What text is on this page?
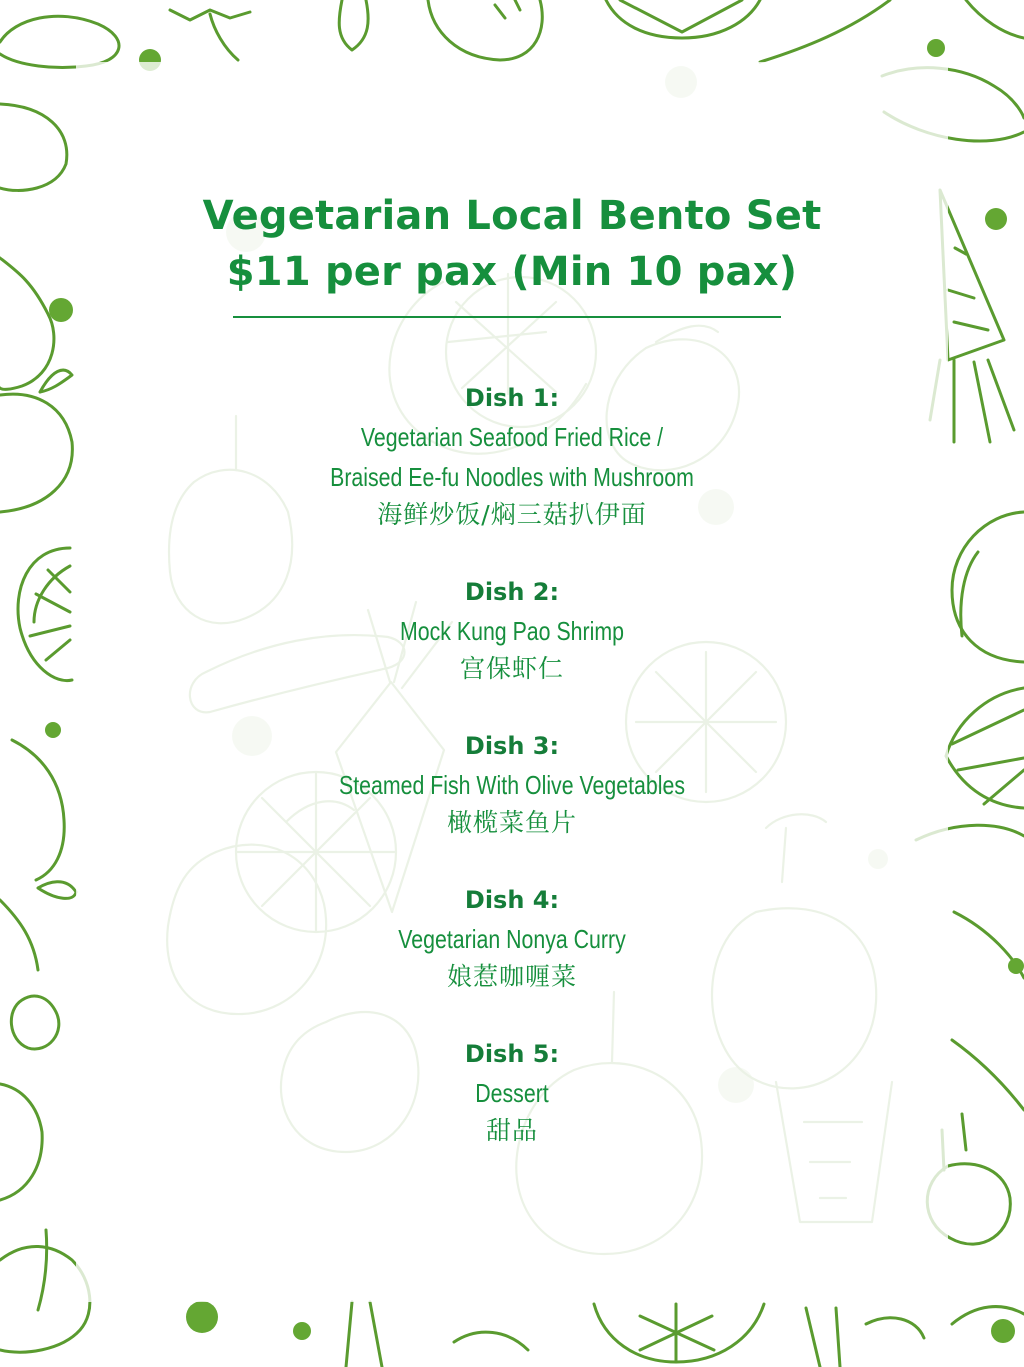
Vegetarian Local Bento Set
$11 per pax (Min 10 pax)
Dish 1:
Vegetarian Seafood Fried Rice /
Braised Ee-fu Noodles with Mushroom
海鲜炒饭/焖三菇扒伊面
Dish 2:
Mock Kung Pao Shrimp
宫保虾仁
Dish 3:
Steamed Fish With Olive Vegetables
橄榄菜鱼片
Dish 4:
Vegetarian Nonya Curry
娘惹咖喱菜
Dish 5:
Dessert
甜品
